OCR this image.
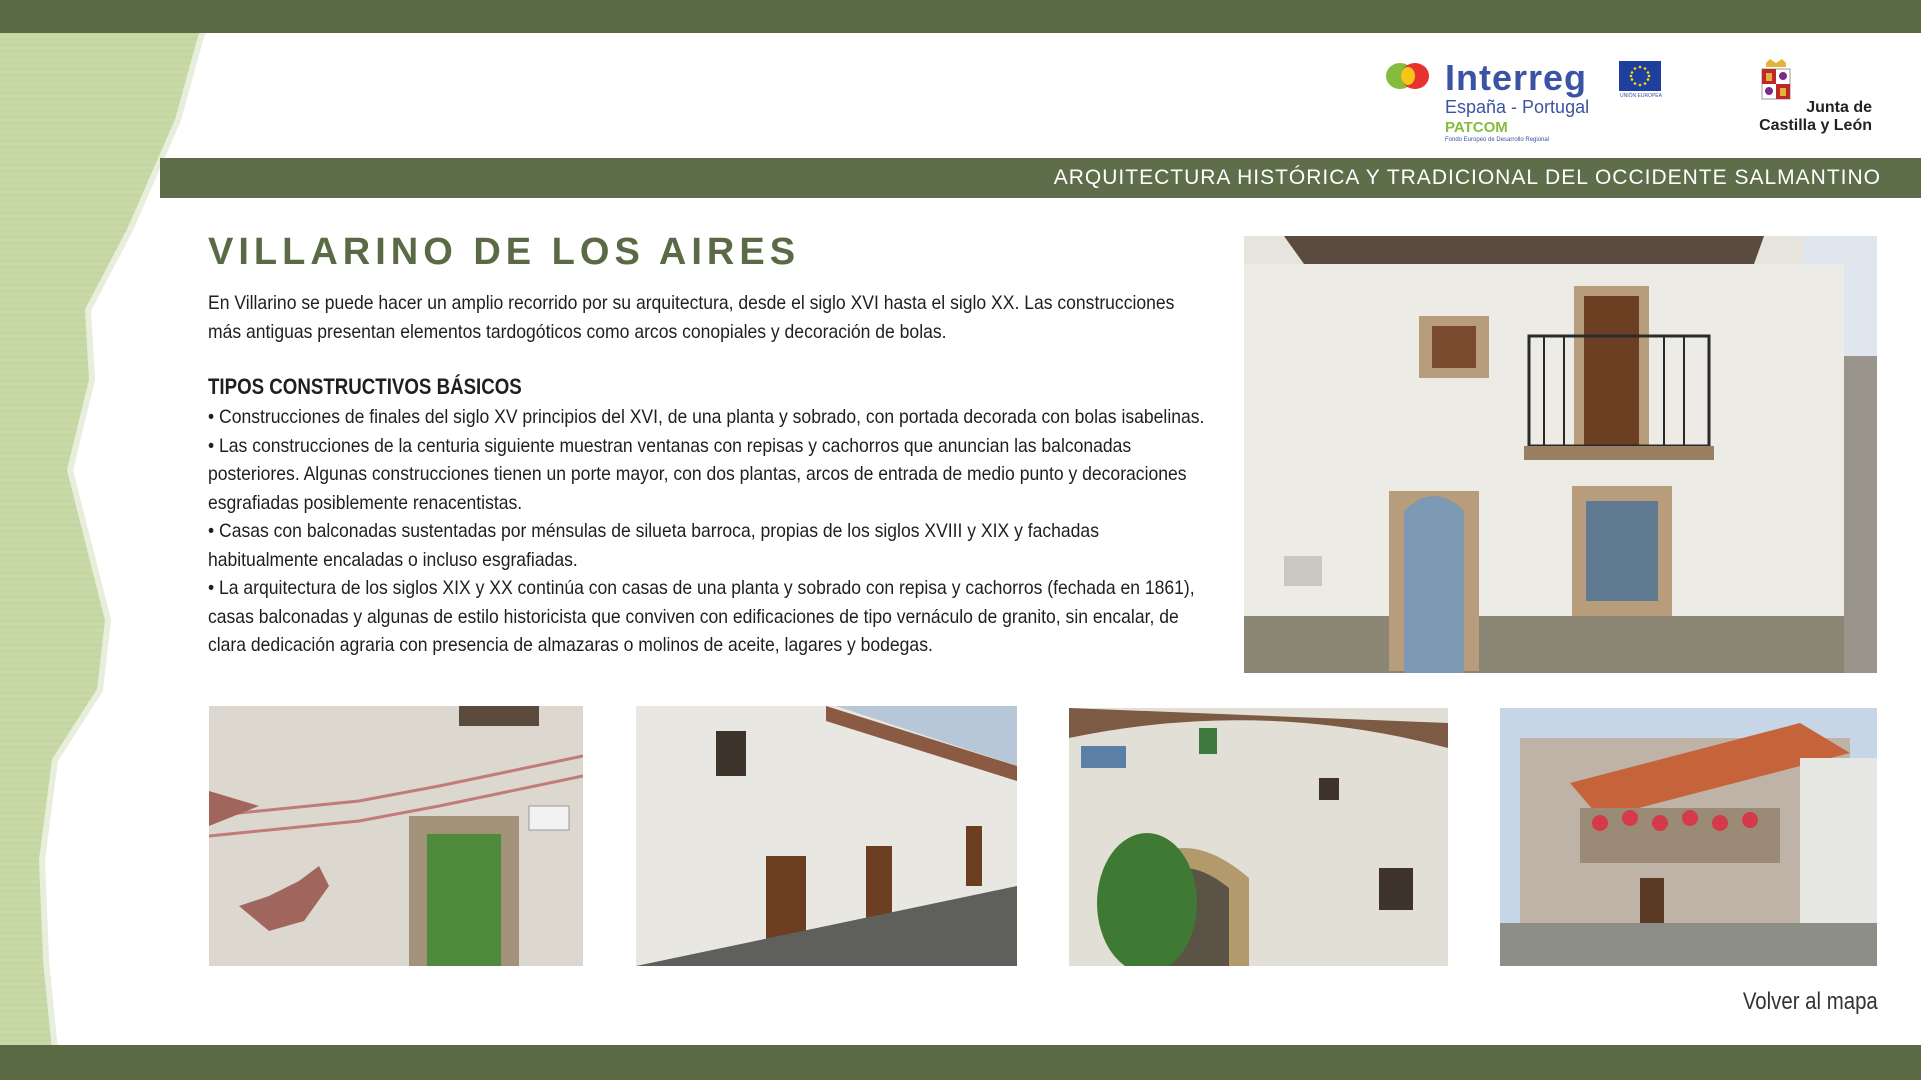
Interreg
España - Portugal
PATCOM
Fondo Europeo de Desarrollo Regional
UNIÓN EUROPEA
Junta de
Castilla y León
ARQUITECTURA HISTÓRICA Y TRADICIONAL DEL OCCIDENTE SALMANTINO
VILLARINO DE LOS AIRES

En Villarino se puede hacer un amplio recorrido por su arquitectura, desde el siglo XVI hasta el siglo XX. Las construcciones más antiguas presentan elementos tardogóticos como arcos conopiales y decoración de bolas.

TIPOS CONSTRUCTIVOS BÁSICOS
• Construcciones de finales del siglo XV principios del XVI, de una planta y sobrado, con portada decorada con bolas isabelinas.
• Las construcciones de la centuria siguiente muestran ventanas con repisas y cachorros que anuncian las balconadas posteriores. Algunas construcciones tienen un porte mayor, con dos plantas, arcos de entrada de medio punto y decoraciones esgrafiadas posiblemente renacentistas.
• Casas con balconadas sustentadas por ménsulas de silueta barroca, propias de los siglos XVIII y XIX y fachadas habitualmente encaladas o incluso esgrafiadas.
• La arquitectura de los siglos XIX y XX continúa con casas de una planta y sobrado con repisa y cachorros (fechada en 1861), casas balconadas y algunas de estilo historicista que conviven con edificaciones de tipo vernáculo de granito, sin encalar, de clara dedicación agraria con presencia de almazaras o molinos de aceite, lagares y bodegas.
Volver al mapa
